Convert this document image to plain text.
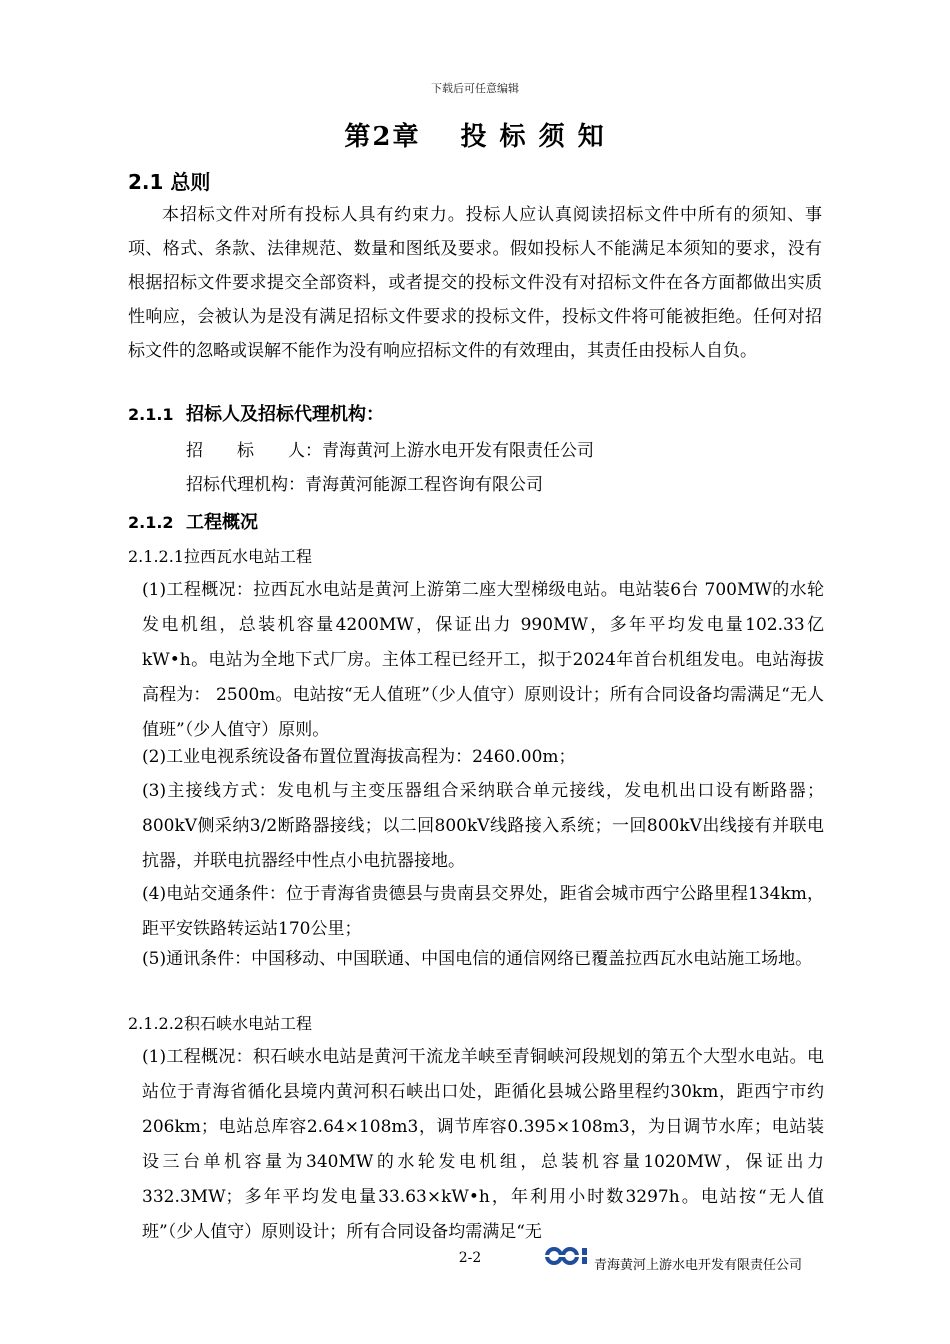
下载后可任意编辑
第2章 投 标 须 知
2.1 总则
本招标文件对所有投标人具有约束力。投标人应认真阅读招标文件中所有的须知、事项、格式、条款、法律规范、数量和图纸及要求。假如投标人不能满足本须知的要求，没有根据招标文件要求提交全部资料，或者提交的投标文件没有对招标文件在各方面都做出实质性响应，会被认为是没有满足招标文件要求的投标文件，投标文件将可能被拒绝。任何对招标文件的忽略或误解不能作为没有响应招标文件的有效理由，其责任由投标人自负。
2.1.1 招标人及招标代理机构：
招　　标　　人：青海黄河上游水电开发有限责任公司
招标代理机构：青海黄河能源工程咨询有限公司
2.1.2 工程概况
2.1.2.1拉西瓦水电站工程
(1)工程概况：拉西瓦水电站是黄河上游第二座大型梯级电站。电站装6台 700MW的水轮发电机组，总装机容量4200MW，保证出力 990MW，多年平均发电量102.33亿 kW•h。电站为全地下式厂房。主体工程已经开工，拟于2024年首台机组发电。电站海拔高程为： 2500m。电站按“无人值班”（少人值守）原则设计；所有合同设备均需满足“无人值班”（少人值守）原则。
(2)工业电视系统设备布置位置海拔高程为：2460.00m；
(3)主接线方式：发电机与主变压器组合采纳联合单元接线，发电机出口设有断路器；800kV侧采纳3/2断路器接线；以二回800kV线路接入系统；一回800kV出线接有并联电抗器，并联电抗器经中性点小电抗器接地。
(4)电站交通条件：位于青海省贵德县与贵南县交界处，距省会城市西宁公路里程134km，距平安铁路转运站170公里；
(5)通讯条件：中国移动、中国联通、中国电信的通信网络已覆盖拉西瓦水电站施工场地。
2.1.2.2积石峡水电站工程
(1)工程概况：积石峡水电站是黄河干流龙羊峡至青铜峡河段规划的第五个大型水电站。电站位于青海省循化县境内黄河积石峡出口处，距循化县城公路里程约30km，距西宁市约206km；电站总库容2.64×108m3，调节库容0.395×108m3，为日调节水库；电站装设三台单机容量为340MW的水轮发电机组，总装机容量1020MW，保证出力332.3MW；多年平均发电量33.63×kW•h，年利用小时数3297h。电站按“无人值班”（少人值守）原则设计；所有合同设备均需满足“无
2-2	青海黄河上游水电开发有限责任公司
